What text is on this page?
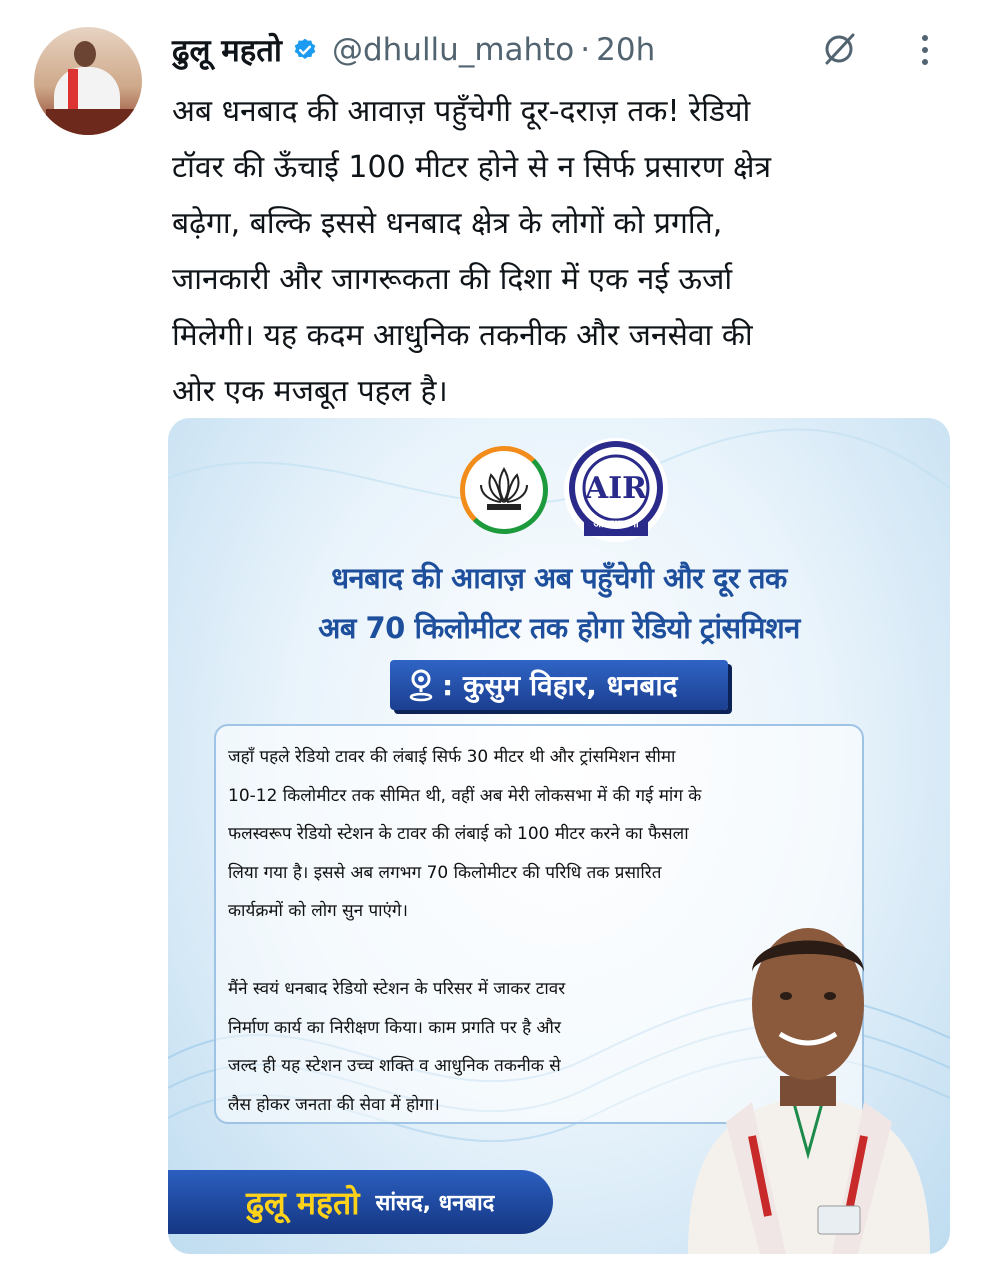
ढुलू महतो @dhullu_mahto · 20h
अब धनबाद की आवाज़ पहुँचेगी दूर-दराज़ तक! रेडियो
टॉवर की ऊँचाई 100 मीटर होने से न सिर्फ प्रसारण क्षेत्र
बढ़ेगा, बल्कि इससे धनबाद क्षेत्र के लोगों को प्रगति,
जानकारी और जागरूकता की दिशा में एक नई ऊर्जा
मिलेगी। यह कदम आधुनिक तकनीक और जनसेवा की
ओर एक मजबूत पहल है।
AIR
आकाशवाणी
धनबाद की आवाज़ अब पहुँचेगी और दूर तक
अब 70 किलोमीटर तक होगा रेडियो ट्रांसमिशन
: कुसुम विहार, धनबाद
जहाँ पहले रेडियो टावर की लंबाई सिर्फ 30 मीटर थी और ट्रांसमिशन सीमा
10-12 किलोमीटर तक सीमित थी, वहीं अब मेरी लोकसभा में की गई मांग के
फलस्वरूप रेडियो स्टेशन के टावर की लंबाई को 100 मीटर करने का फैसला
लिया गया है। इससे अब लगभग 70 किलोमीटर की परिधि तक प्रसारित
कार्यक्रमों को लोग सुन पाएंगे।
मैंने स्वयं धनबाद रेडियो स्टेशन के परिसर में जाकर टावर
निर्माण कार्य का निरीक्षण किया। काम प्रगति पर है और
जल्द ही यह स्टेशन उच्च शक्ति व आधुनिक तकनीक से
लैस होकर जनता की सेवा में होगा।
ढुलू महतो सांसद, धनबाद
